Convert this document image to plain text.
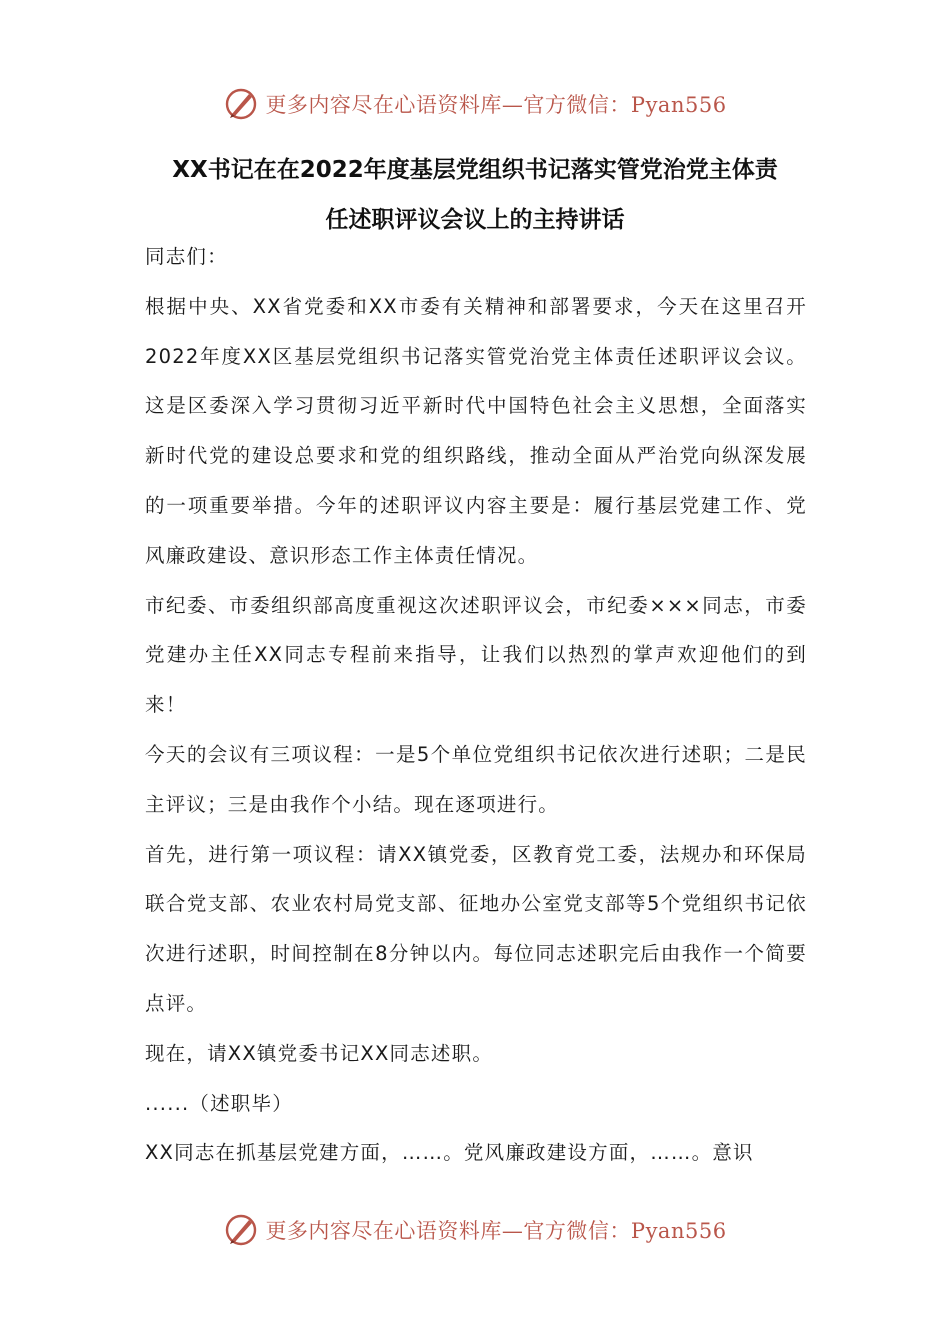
更多内容尽在心语资料库—官方微信：Pyan556
XX书记在在2022年度基层党组织书记落实管党治党主体责
任述职评议会议上的主持讲话

同志们：

根据中央、XX省党委和XX市委有关精神和部署要求，今天在这里召开2022年度XX区基层党组织书记落实管党治党主体责任述职评议会议。这是区委深入学习贯彻习近平新时代中国特色社会主义思想，全面落实新时代党的建设总要求和党的组织路线，推动全面从严治党向纵深发展的一项重要举措。今年的述职评议内容主要是：履行基层党建工作、党风廉政建设、意识形态工作主体责任情况。

市纪委、市委组织部高度重视这次述职评议会，市纪委×××同志，市委党建办主任XX同志专程前来指导，让我们以热烈的掌声欢迎他们的到来！

今天的会议有三项议程：一是5个单位党组织书记依次进行述职；二是民主评议；三是由我作个小结。现在逐项进行。

首先，进行第一项议程：请XX镇党委，区教育党工委，法规办和环保局联合党支部、农业农村局党支部、征地办公室党支部等5个党组织书记依次进行述职，时间控制在8分钟以内。每位同志述职完后由我作一个简要点评。

现在，请XX镇党委书记XX同志述职。

......（述职毕）

XX同志在抓基层党建方面，……。党风廉政建设方面，……。意识

更多内容尽在心语资料库—官方微信：Pyan556
